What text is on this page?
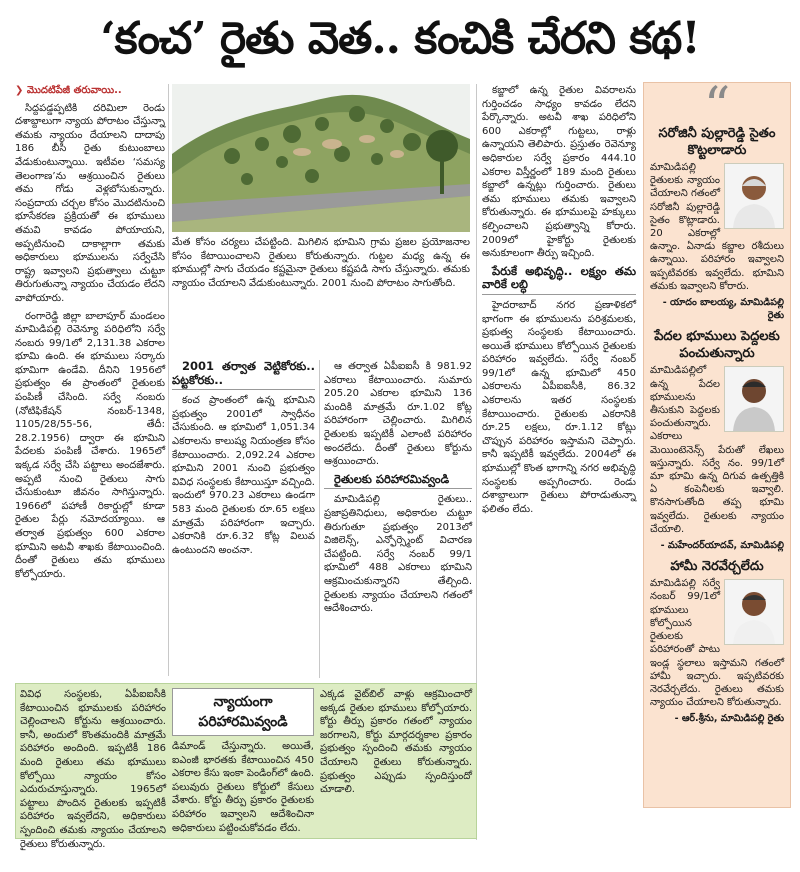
‘కంచ’ రైతు వెత.. కంచికి చేరని కథ!

❯ మొదటిపేజీ తరువాయి..

సిద్దపడ్డప్పటికి దరిమిలా రెండు దశాబ్దాలుగా న్యాయ పోరాటం చేస్తున్నా తమకు న్యాయం దేయాలని దాదాపు 186 బీసీ రైతు కుటుంబాలు వేడుకుంటున్నాయి. ఇటీవల ‘సమస్య తెలంగాణ’ను ఆశ్రయించిన రైతులు తమ గోడు వెళ్లబోసుకున్నారు. సంప్రదాయ చర్చల కోసం మొదటినుంచి భూసేకరణ ప్రక్రియతో ఈ భూములు తమవి కావడం పోయాయని, అప్పటినుంచి దాకాల్లాగా తమకు అధికారులు భూములను సర్వేచేసి రాష్ట్ర ఇవ్వాలని ప్రభుత్వాలు చుట్టూ తిరుగుతున్నా న్యాయం చేయడం లేదని వాపోయారు.

రంగారెడ్డి జిల్లా బాలాపూర్ మండలం మామిడిపల్లి రెవెన్యూ పరిధిలోని సర్వే నంబరు 99/1లో 2,131.38 ఎకరాల భూమి ఉంది. ఈ భూములు సర్కారు భూమిగా ఉండేవి. దీనిని 1956లో ప్రభుత్వం ఈ ప్రాంతంలో రైతులకు పంపిణీ చేసింది. సర్వే నంబరు (నోటిఫికేషన్ నంబర్-1348, 1105/28/55-56, తేదీ: 28.2.1956) ద్వారా ఈ భూమిని పేదలకు పంపిణీ చేశారు. 1965లో ఇక్కడ సర్వే చేసి పట్టాలు అందజేశారు. అప్పటి నుంచి రైతులు సాగు చేసుకుంటూ జీవనం సాగిస్తున్నారు. 1966లో పహాణీ రికార్డుల్లో కూడా రైతుల పేర్లు నమోదయ్యాయి. ఆ తర్వాత ప్రభుత్వం 600 ఎకరాల భూమిని అటవీ శాఖకు కేటాయించింది. దీంతో రైతులు తమ భూములు కోల్పోయారు.

మేత కోసం చర్యలు చేపట్టింది. మిగిలిన భూమిని గ్రామ ప్రజల ప్రయోజనాల కోసం కేటాయించాలని రైతులు కోరుతున్నారు. గుట్టల మధ్య ఉన్న ఈ భూముల్లో సాగు చేయడం కష్టమైనా రైతులు కష్టపడి సాగు చేస్తున్నారు. తమకు న్యాయం చేయాలని వేడుకుంటున్నారు. 2001 నుంచి పోరాటం సాగుతోంది.

2001 తర్వాత వెట్టికోరకు.. పట్టకోరకు..

కంచ ప్రాంతంలో ఉన్న భూమిని ప్రభుత్వం 2001లో స్వాధీనం చేసుకుంది. ఆ భూమిలో 1,051.34 ఎకరాలను కాలుష్య నియంత్రణ కోసం కేటాయించారు. 2,092.24 ఎకరాల భూమిని 2001 నుంచి ప్రభుత్వం వివిధ సంస్థలకు కేటాయిస్తూ వచ్చింది. ఇందులో 970.23 ఎకరాలు ఉండగా 583 మంది రైతులకు రూ.65 లక్షలు మాత్రమే పరిహారంగా ఇచ్చారు. ఎకరానికి రూ.6.32 కోట్ల విలువ ఉంటుందని అంచనా.

ఆ తర్వాత ఏపీఐఐసీ కి 981.92 ఎకరాలు కేటాయించారు. సుమారు 205.20 ఎకరాల భూమిని 136 మందికి మాత్రమే రూ.1.02 కోట్ల పరిహారంగా చెల్లించారు. మిగిలిన రైతులకు ఇప్పటికీ ఎలాంటి పరిహారం అందలేదు. దీంతో రైతులు కోర్టును ఆశ్రయించారు.

రైతులకు పరిహారమివ్వండి

మామిడిపల్లి రైతులు.. ప్రజాప్రతినిధులు, అధికారుల చుట్టూ తిరుగుతూ ప్రభుత్వం 2013లో విజిలెన్స్, ఎన్ఫోర్స్మెంట్ విచారణ చేపట్టింది. సర్వే నంబర్ 99/1 భూమిలో 488 ఎకరాలు భూమిని ఆక్రమించుకున్నారని తేల్చింది. రైతులకు న్యాయం చేయాలని గతంలో ఆదేశించారు.

కబ్జాలో ఉన్న రైతుల వివరాలను గుర్తించడం సాధ్యం కావడం లేదని పేర్కొన్నారు. అటవీ శాఖ పరిధిలోని 600 ఎకరాల్లో గుట్టలు, రాళ్లు ఉన్నాయని తెలిపారు. ప్రస్తుతం రెవెన్యూ అధికారుల సర్వే ప్రకారం 444.10 ఎకరాల విస్తీర్ణంలో 189 మంది రైతులు కబ్జాలో ఉన్నట్లు గుర్తించారు. రైతులు తమ భూములు తమకు ఇవ్వాలని కోరుతున్నారు. ఈ భూములపై హక్కులు కల్పించాలని ప్రభుత్వాన్ని కోరారు. 2009లో హైకోర్టు రైతులకు అనుకూలంగా తీర్పు ఇచ్చింది.

పేరుకే అభివృద్ధి.. లక్ష్యం తమ వారికే లబ్ధి

హైదరాబాద్ నగర ప్రణాళికలో భాగంగా ఈ భూములను పరిశ్రమలకు, ప్రభుత్వ సంస్థలకు కేటాయించారు. అయితే భూములు కోల్పోయిన రైతులకు పరిహారం ఇవ్వలేదు. సర్వే నంబర్ 99/1లో ఉన్న భూమిలో 450 ఎకరాలను ఏపీఐఐసీకి, 86.32 ఎకరాలను ఇతర సంస్థలకు కేటాయించారు. రైతులకు ఎకరానికి రూ.25 లక్షలు, రూ.1.12 కోట్లు చొప్పున పరిహారం ఇస్తామని చెప్పారు. కానీ ఇప్పటికీ ఇవ్వలేదు. 2004లో ఈ భూముల్లో కొంత భాగాన్ని నగర అభివృద్ధి సంస్థలకు అప్పగించారు. రెండు దశాబ్దాలుగా రైతులు పోరాడుతున్నా ఫలితం లేదు.

“
సరోజినీ పుల్లారెడ్డి సైతం కొట్టలాడారు
మామిడిపల్లి రైతులకు న్యాయం చేయాలని గతంలో సరోజినీ పుల్లారెడ్డి సైతం కొట్లాడారు. 20 ఎకరాల్లో ఉన్నాం. ఏనాడు కబ్జాల రశీదులు ఉన్నాయి. పరిహారం ఇవ్వాలని ఇప్పటివరకు ఇవ్వలేదు. భూమిని తమకు ఇవ్వాలని కోరారు.
- యాదం బాలయ్య, మామిడిపల్లి రైతు
పేదల భూములు పెద్దలకు పంచుతున్నారు
మామిడిపల్లిలో ఉన్న పేదల భూములను తీసుకుని పెద్దలకు పంచుతున్నారు. ఎకరాలు మెయింటెనెన్స్ పేరుతో లేఖలు ఇస్తున్నారు. సర్వే నం. 99/1లో మా భూమి ఉన్న దిగువ ఉత్పత్తికి ఏ కంపెనీలకు ఇవ్వాలి. కొనసాగుతోంది తప్ప భూమి ఇవ్వలేదు. రైతులకు న్యాయం చేయాలి.
- మహేందర్‌యాదవ్, మామిడిపల్లి
హామీ నెరవేర్చలేదు
మామిడిపల్లి సర్వే నంబర్ 99/1లో భూములు కోల్పోయిన రైతులకు పరిహారంతో పాటు ఇండ్ల స్థలాలు ఇస్తామని గతంలో హామీ ఇచ్చారు. ఇప్పటివరకు నెరవేర్చలేదు. రైతులు తమకు న్యాయం చేయాలని కోరుతున్నారు.
- ఆర్.శ్రీను, మామిడిపల్లి రైతు
వివిధ సంస్థలకు, ఏపీఐఐసీకి కేటాయించిన భూములకు పరిహారం చెల్లించాలని కోర్టును ఆశ్రయించారు. కానీ, అందులో కొంతమందికి మాత్రమే పరిహారం అందింది. ఇప్పటికీ 186 మంది రైతులు తమ భూములు కోల్పోయి న్యాయం కోసం ఎదురుచూస్తున్నారు. 1965లో పట్టాలు పొందిన రైతులకు ఇప్పటికీ పరిహారం ఇవ్వలేదని, అధికారులు స్పందించి తమకు న్యాయం చేయాలని రైతులు కోరుతున్నారు.
న్యాయంగా పరిహారమివ్వండి
డిమాండ్ చేస్తున్నారు. అయితే, ఐఎంజీ భారతకు కేటాయించిన 450 ఎకరాల కేసు ఇంకా పెండింగ్‌లో ఉంది. పలువురు రైతులు కోర్టులో కేసులు వేశారు. కోర్టు తీర్పు ప్రకారం రైతులకు పరిహారం ఇవ్వాలని ఆదేశించినా అధికారులు పట్టించుకోవడం లేదు.
ఎక్కడ వైట్‌బిల్ వాళ్లు ఆక్రమించారో అక్కడ రైతుల భూములు కోల్పోయారు. కోర్టు తీర్పు ప్రకారం గతంలో న్యాయం జరగాలని, కోర్టు మార్గదర్శకాల ప్రకారం ప్రభుత్వం స్పందించి తమకు న్యాయం చేయాలని రైతులు కోరుతున్నారు. ప్రభుత్వం ఎప్పుడు స్పందిస్తుందో చూడాలి.
